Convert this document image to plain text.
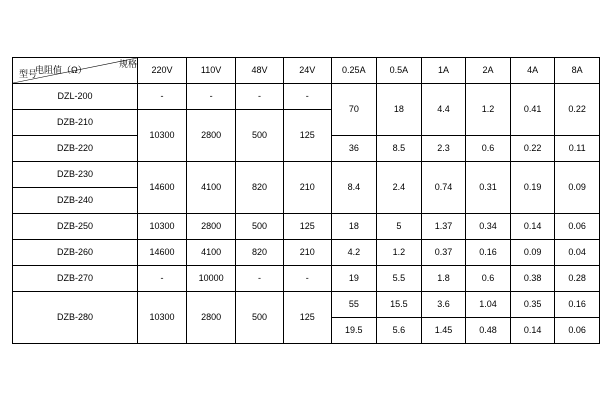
电阻值（Ω）
规格
型号	220V	110V	48V	24V	0.25A	0.5A	1A	2A	4A	8A
DZL-200	-	-	-	-	70	18	4.4	1.2	0.41	0.22
DZB-210	10300	2800	500	125						
DZB-220					36	8.5	2.3	0.6	0.22	0.11
DZB-230	14600	4100	820	210	8.4	2.4	0.74	0.31	0.19	0.09
DZB-240										
DZB-250	10300	2800	500	125	18	5	1.37	0.34	0.14	0.06
DZB-260	14600	4100	820	210	4.2	1.2	0.37	0.16	0.09	0.04
DZB-270	-	10000	-	-	19	5.5	1.8	0.6	0.38	0.28
DZB-280	10300	2800	500	125	55	15.5	3.6	1.04	0.35	0.16
					19.5	5.6	1.45	0.48	0.14	0.06
